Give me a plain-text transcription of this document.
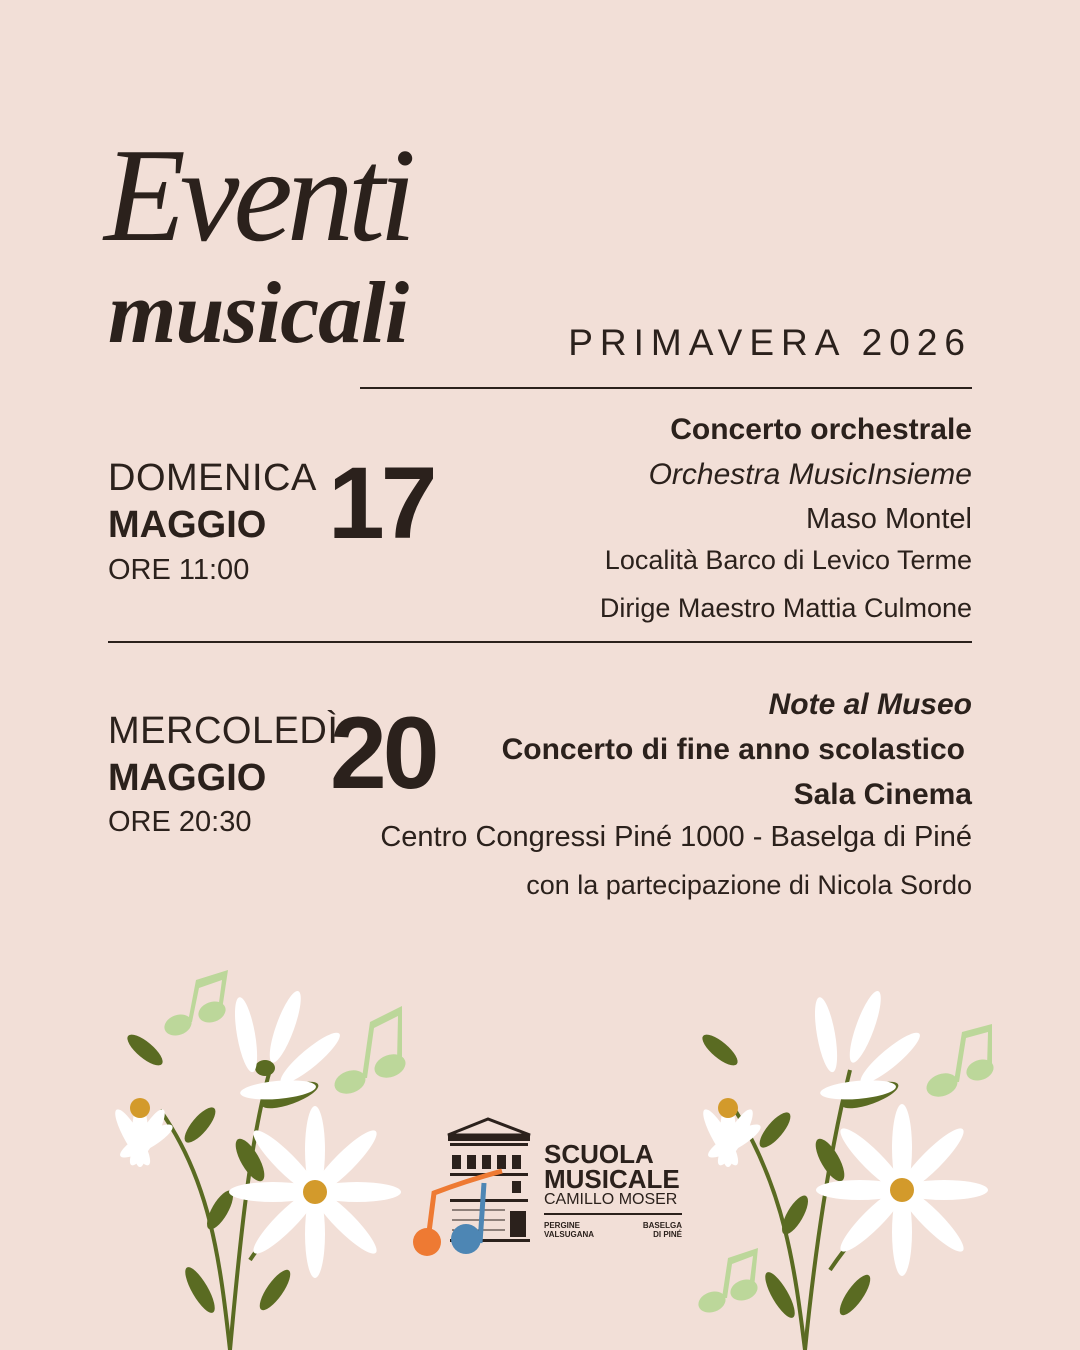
Eventi
musicali	PRIMAVERA 2026
DOMENICA
MAGGIO
ORE 11:00
17
Concerto orchestrale
Orchestra MusicInsieme
Maso Montel
Località Barco di Levico Terme
Dirige Maestro Mattia Culmone
MERCOLEDÌ
MAGGIO
ORE 20:30
20	Note al Museo
Concerto di fine anno scolastico
Sala Cinema
Centro Congressi Piné 1000 - Baselga di Piné
con la partecipazione di Nicola Sordo
SCUOLA
MUSICALE
CAMILLO MOSER
PERGINE
VALSUGANA
BASELGA
DI PINÉ
